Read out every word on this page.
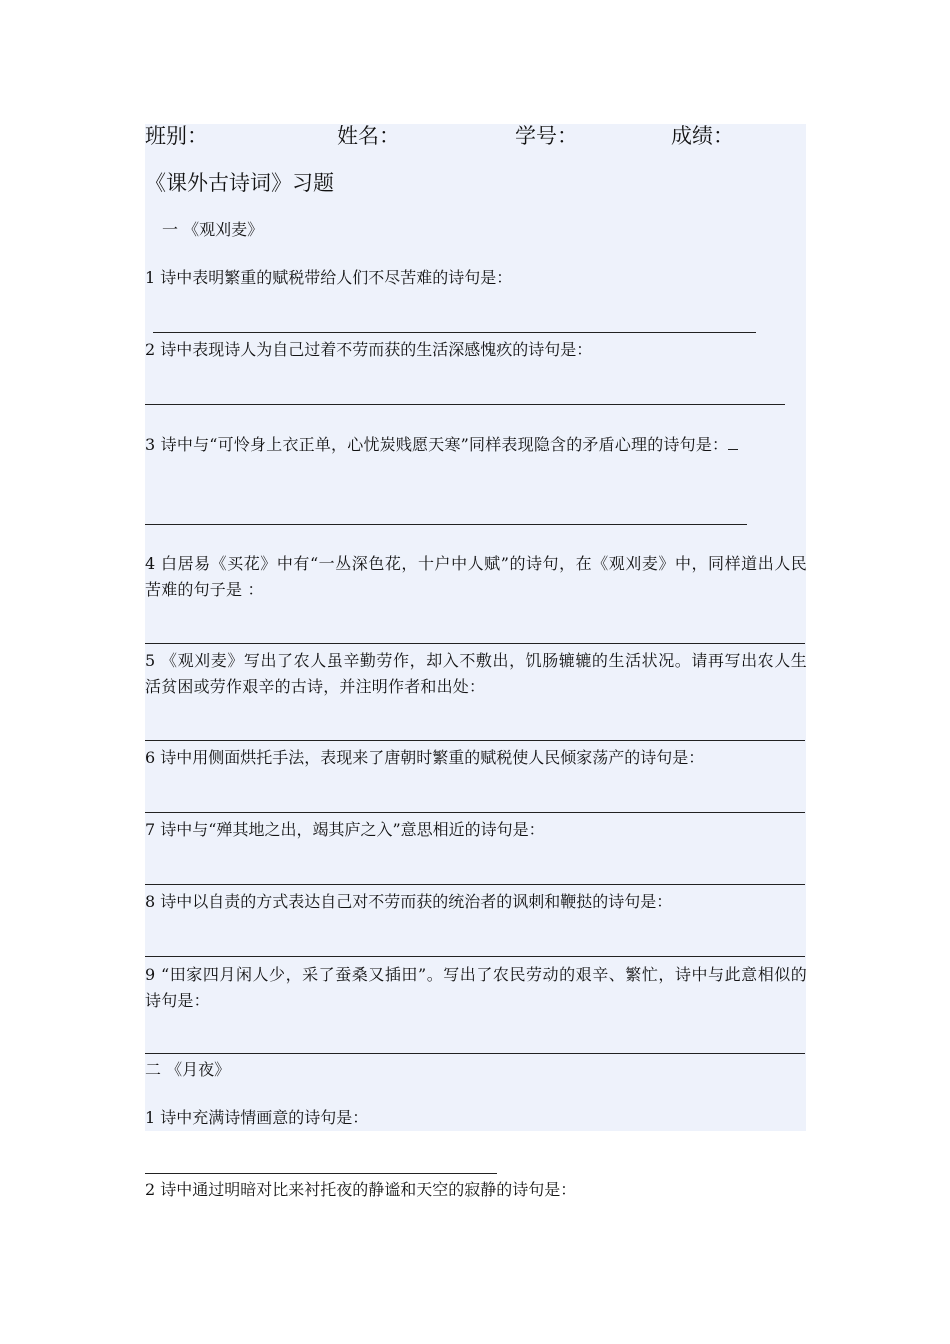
班别：	姓名：	学号：	成绩：
《课外古诗词》习题
一 《观刈麦》
1 诗中表明繁重的赋税带给人们不尽苦难的诗句是：
2 诗中表现诗人为自己过着不劳而获的生活深感愧疚的诗句是：
3 诗中与“可怜身上衣正单，心忧炭贱愿天寒”同样表现隐含的矛盾心理的诗句是：
4 白居易《买花》中有“一丛深色花，十户中人赋”的诗句，在《观刈麦》中，同样道出人民苦难的句子是 ：
5 《观刈麦》写出了农人虽辛勤劳作，却入不敷出，饥肠辘辘的生活状况。请再写出农人生活贫困或劳作艰辛的古诗，并注明作者和出处：
6 诗中用侧面烘托手法，表现来了唐朝时繁重的赋税使人民倾家荡产的诗句是：
7 诗中与“殚其地之出，竭其庐之入”意思相近的诗句是：
8 诗中以自责的方式表达自己对不劳而获的统治者的讽刺和鞭挞的诗句是：
9 “田家四月闲人少，采了蚕桑又插田”。写出了农民劳动的艰辛、繁忙，诗中与此意相似的诗句是：
二 《月夜》
1 诗中充满诗情画意的诗句是：
2 诗中通过明暗对比来衬托夜的静谧和天空的寂静的诗句是：
